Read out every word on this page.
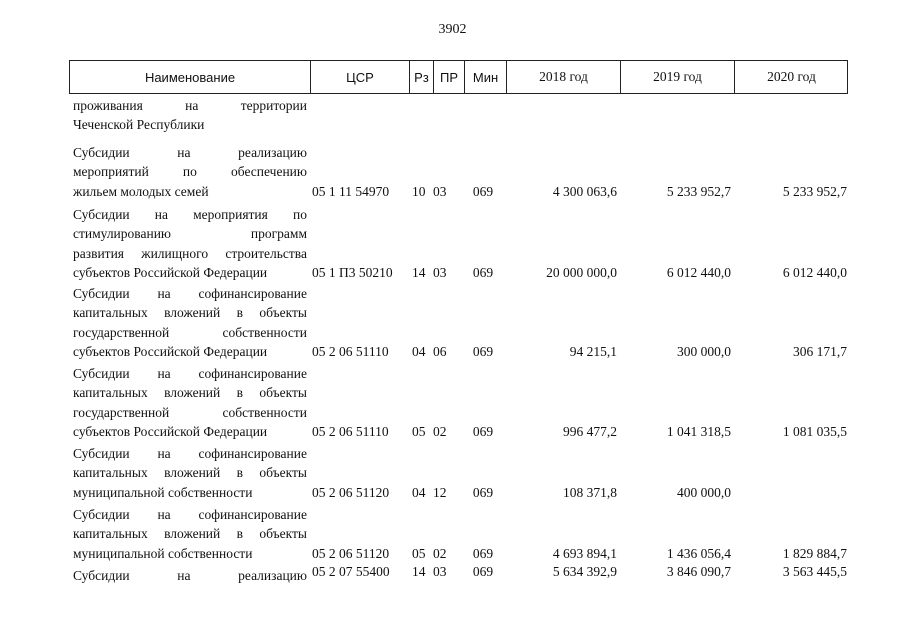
3902
Наименование	ЦСР	Рз ПР	Мин	2018 год	2019 год	2020 год
проживания	на	территории
Чеченской Республики
Субсидии	на	реализацию
мероприятий	по	обеспечению
жильем молодых семей	05 1 11 54970	10 03	069	4 300 063,6	5 233 952,7	5 233 952,7
Субсидии на мероприятия по
стимулированию	программ
развития жилищного строительства
субъектов Российской Федерации	05 1 П3 50210	14 03	069	20 000 000,0	6 012 440,0	6 012 440,0
Субсидии на софинансирование
капитальных вложений в объекты
государственной	собственности
субъектов Российской Федерации	05 2 06 51110	04 06	069	94 215,1	300 000,0	306 171,7
Субсидии на софинансирование
капитальных вложений в объекты
государственной	собственности
субъектов Российской Федерации	05 2 06 51110	05 02	069	996 477,2	1 041 318,5	1 081 035,5
Субсидии на софинансирование
капитальных вложений в объекты
муниципальной собственности	05 2 06 51120	04 12	069	108 371,8	400 000,0
Субсидии на софинансирование
капитальных вложений в объекты
муниципальной собственности	05 2 06 51120	05 02	069	4 693 894,1	1 436 056,4	1 829 884,7
Субсидии	на	реализацию 05 2 07 55400	14 03	069	5 634 392,9	3 846 090,7	3 563 445,5
